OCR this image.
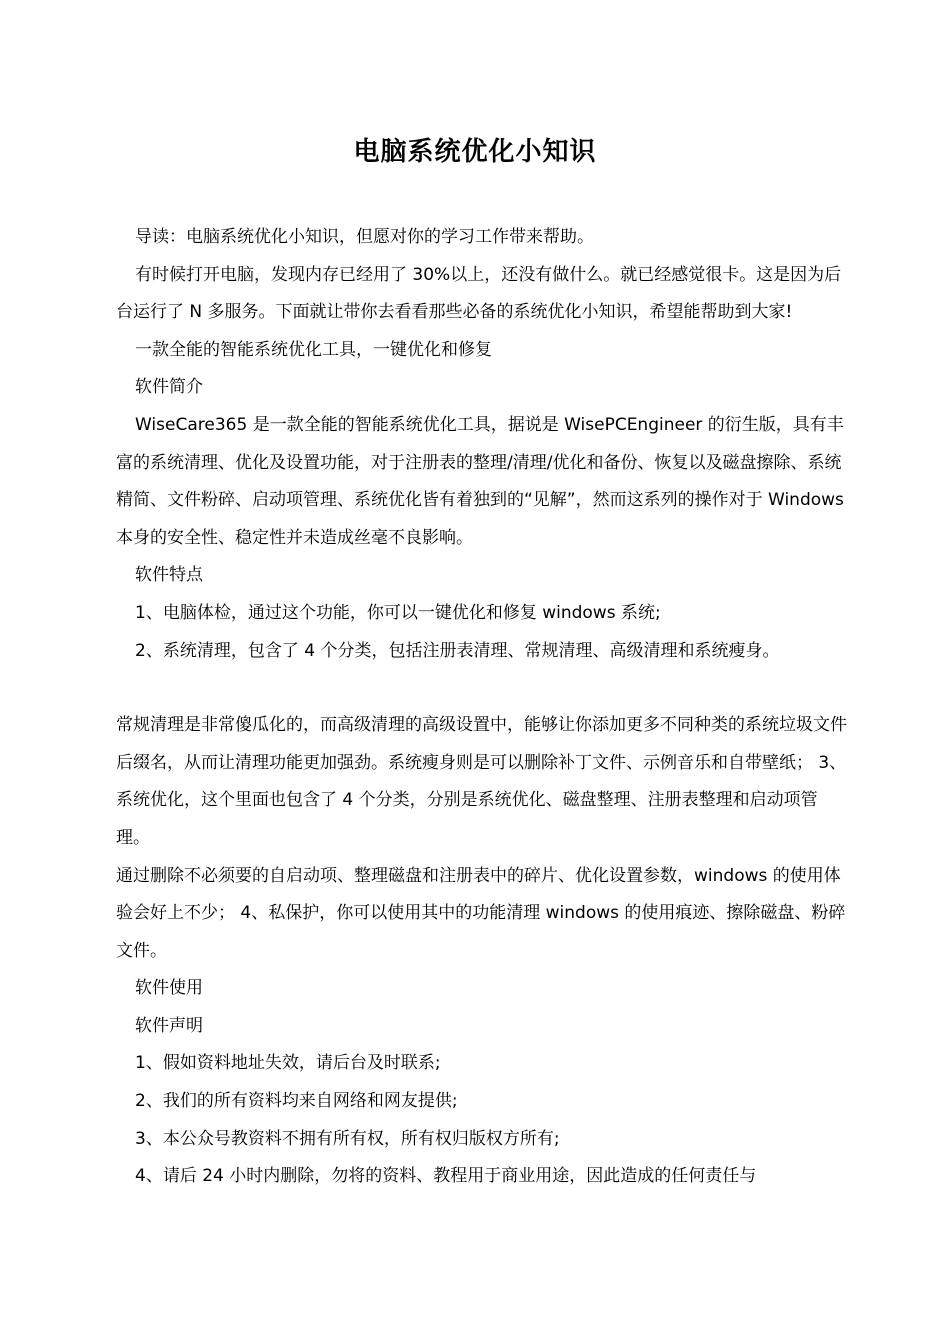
电脑系统优化小知识

导读：电脑系统优化小知识，但愿对你的学习工作带来帮助。

有时候打开电脑，发现内存已经用了 30%以上，还没有做什么。就已经感觉很卡。这是因为后台运行了 N 多服务。下面就让带你去看看那些必备的系统优化小知识，希望能帮助到大家!

一款全能的智能系统优化工具，一键优化和修复

软件简介

WiseCare365 是一款全能的智能系统优化工具，据说是 WisePCEngineer 的衍生版，具有丰富的系统清理、优化及设置功能，对于注册表的整理/清理/优化和备份、恢复以及磁盘擦除、系统精简、文件粉碎、启动项管理、系统优化皆有着独到的“见解”，然而这系列的操作对于 Windows 本身的安全性、稳定性并未造成丝毫不良影响。

软件特点

1、电脑体检，通过这个功能，你可以一键优化和修复 windows 系统;

2、系统清理，包含了 4 个分类，包括注册表清理、常规清理、高级清理和系统瘦身。

常规清理是非常傻瓜化的，而高级清理的高级设置中，能够让你添加更多不同种类的系统垃圾文件后缀名，从而让清理功能更加强劲。系统瘦身则是可以删除补丁文件、示例音乐和自带壁纸； 3、系统优化，这个里面也包含了 4 个分类，分别是系统优化、磁盘整理、注册表整理和启动项管理。

通过删除不必须要的自启动项、整理磁盘和注册表中的碎片、优化设置参数，windows 的使用体验会好上不少； 4、私保护，你可以使用其中的功能清理 windows 的使用痕迹、擦除磁盘、粉碎文件。

软件使用

软件声明

1、假如资料地址失效，请后台及时联系;

2、我们的所有资料均来自网络和网友提供;

3、本公众号教资料不拥有所有权，所有权归版权方所有;

4、请后 24 小时内删除，勿将的资料、教程用于商业用途，因此造成的任何责任与
